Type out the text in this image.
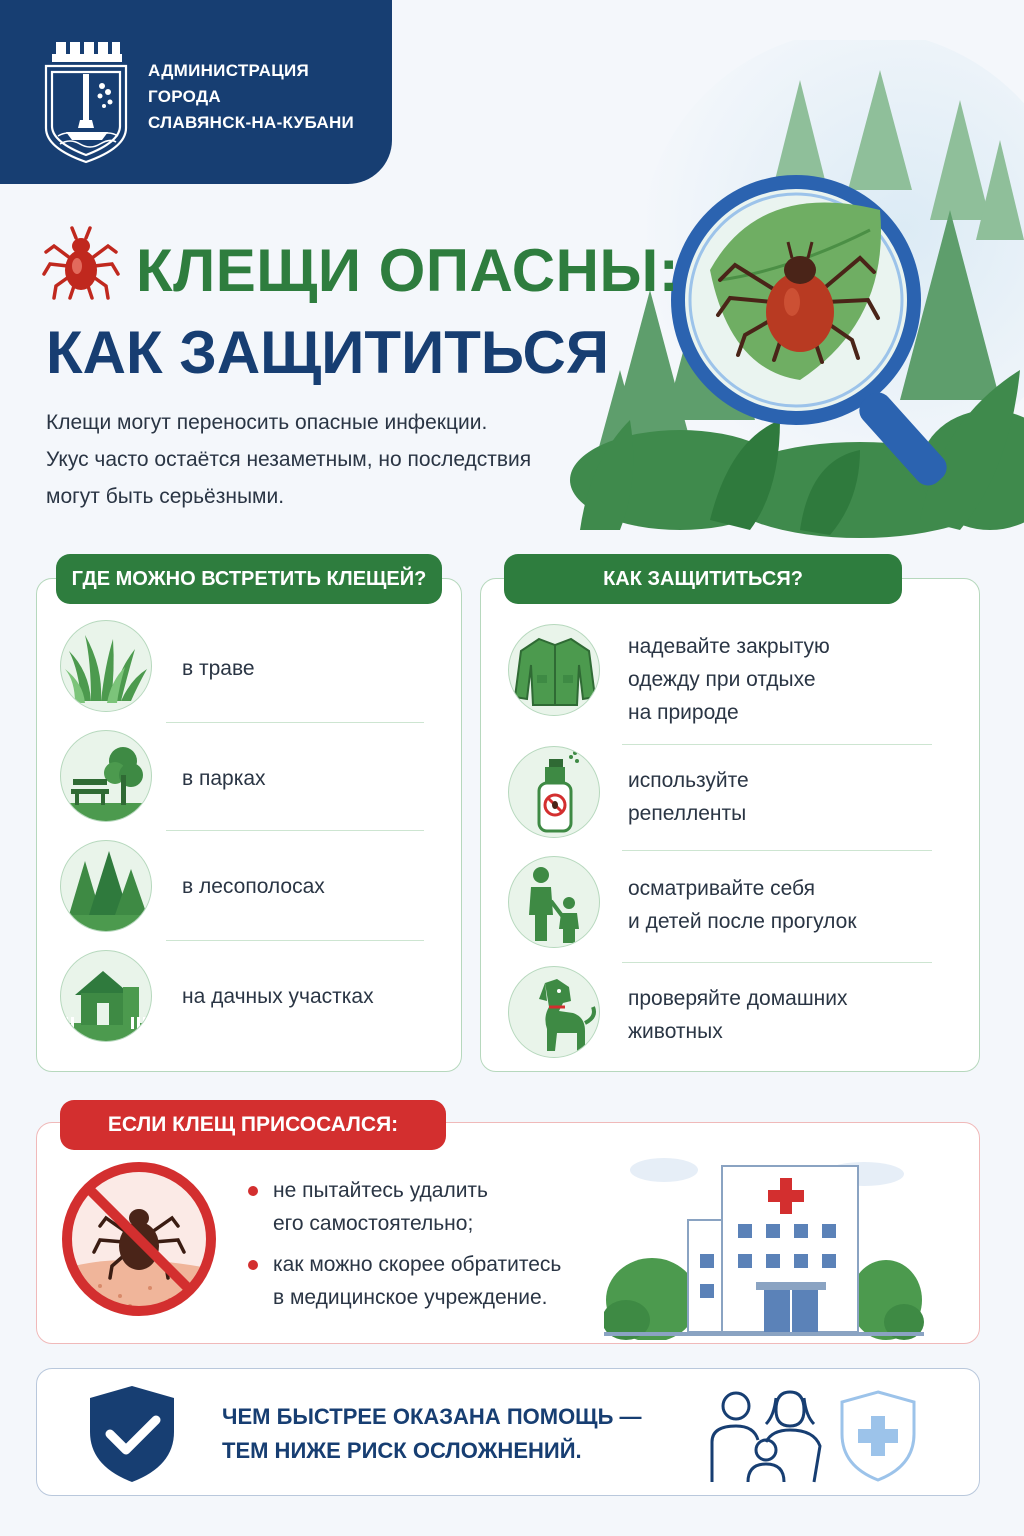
АДМИНИСТРАЦИЯ
ГОРОДА
СЛАВЯНСК-НА-КУБАНИ
КЛЕЩИ ОПАСНЫ:
КАК ЗАЩИТИТЬСЯ
Клещи могут переносить опасные инфекции.
Укус часто остаётся незаметным, но последствия
могут быть серьёзными.
ГДЕ МОЖНО ВСТРЕТИТЬ КЛЕЩЕЙ?
в траве
в парках
в лесополосах
на дачных участках
КАК ЗАЩИТИТЬСЯ?
надевайте закрытую
одежду при отдыхе
на природе
используйте
репелленты
осматривайте себя
и детей после прогулок
проверяйте домашних
животных
ЕСЛИ КЛЕЩ ПРИСОСАЛСЯ:
не пытайтесь удалить
его самостоятельно;
как можно скорее обратитесь
в медицинское учреждение.
ЧЕМ БЫСТРЕЕ ОКАЗАНА ПОМОЩЬ —
ТЕМ НИЖЕ РИСК ОСЛОЖНЕНИЙ.
